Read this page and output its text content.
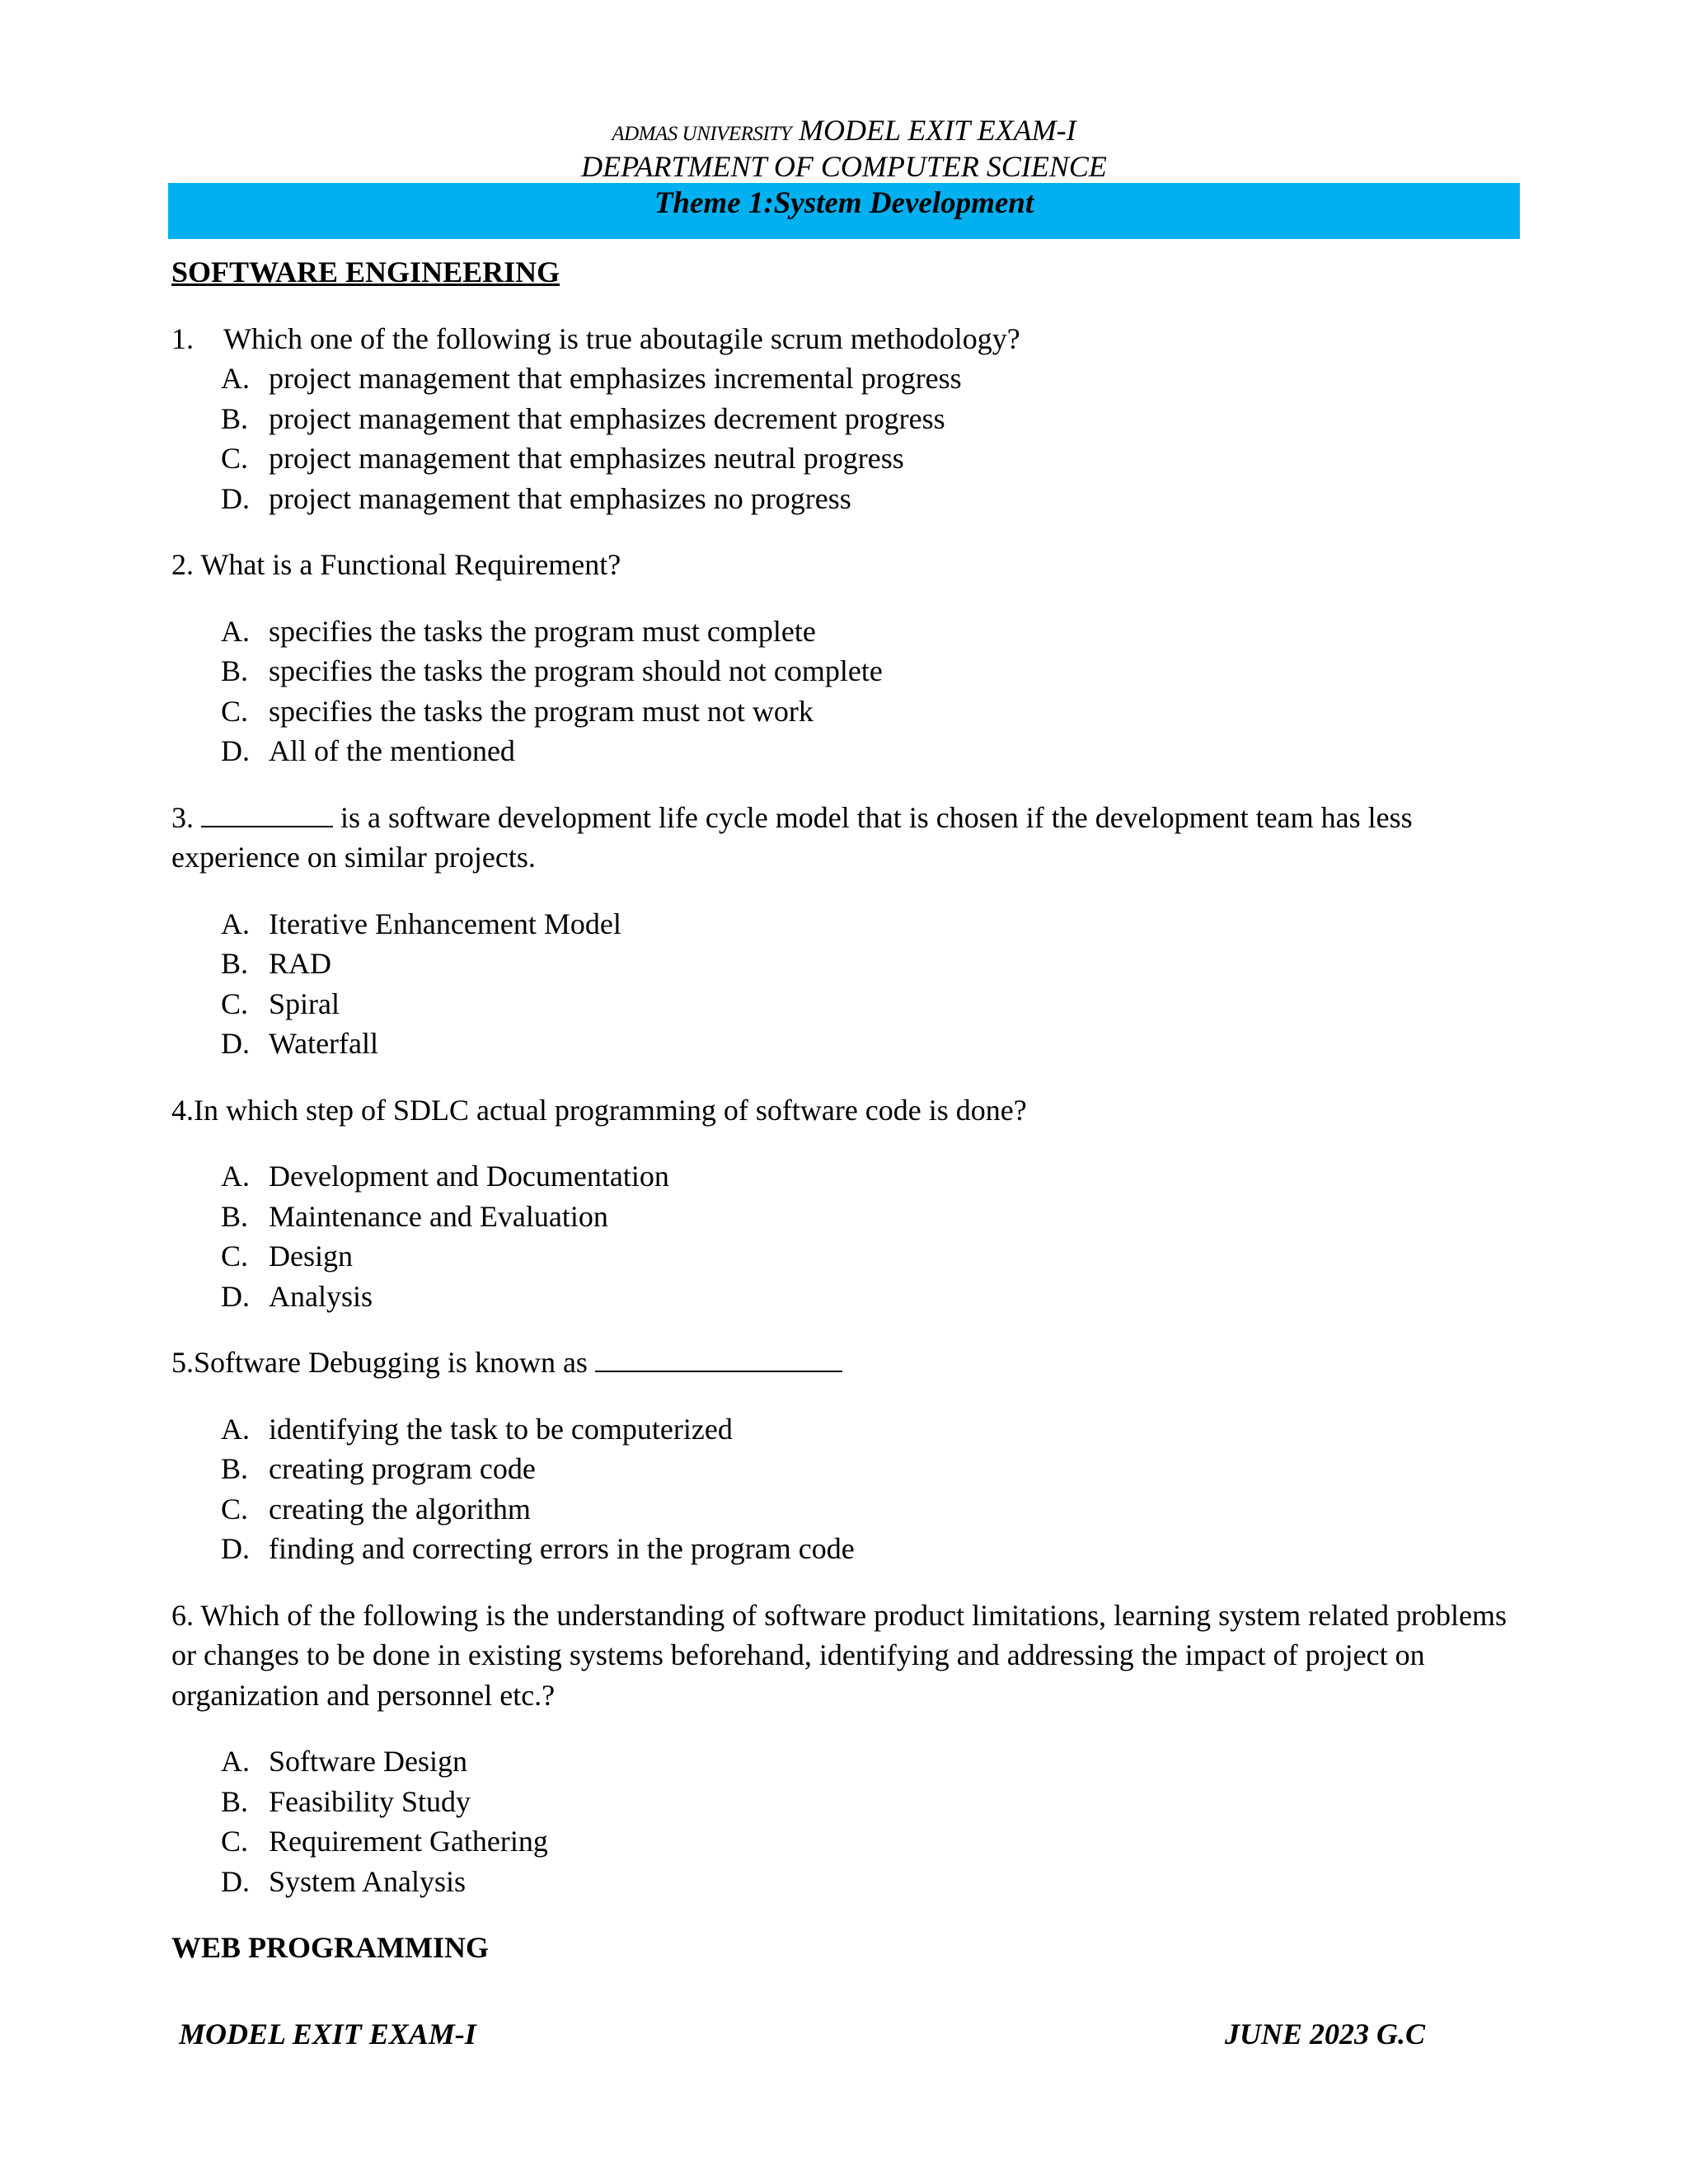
ADMAS UNIVERSITY MODEL EXIT EXAM-I
DEPARTMENT OF COMPUTER SCIENCE
Theme 1:System Development
SOFTWARE ENGINEERING

1. Which one of the following is true aboutagile scrum methodology?

A. project management that emphasizes incremental progress
B. project management that emphasizes decrement progress
C. project management that emphasizes neutral progress
D. project management that emphasizes no progress

2. What is a Functional Requirement?

A. specifies the tasks the program must complete
B. specifies the tasks the program should not complete
C. specifies the tasks the program must not work
D. All of the mentioned

3.	is a software development life cycle model that is chosen if the development team has less experience on similar projects.

A. Iterative Enhancement Model
B. RAD
C. Spiral
D. Waterfall

4.In which step of SDLC actual programming of software code is done?

A. Development and Documentation
B. Maintenance and Evaluation
C. Design
D. Analysis

5.Software Debugging is known as

A. identifying the task to be computerized
B. creating program code
C. creating the algorithm
D. finding and correcting errors in the program code

6. Which of the following is the understanding of software product limitations, learning system related problems or changes to be done in existing systems beforehand, identifying and addressing the impact of project on organization and personnel etc.?

A. Software Design
B. Feasibility Study
C. Requirement Gathering
D. System Analysis
WEB PROGRAMMING
MODEL EXIT EXAM-I	JUNE 2023 G.C
